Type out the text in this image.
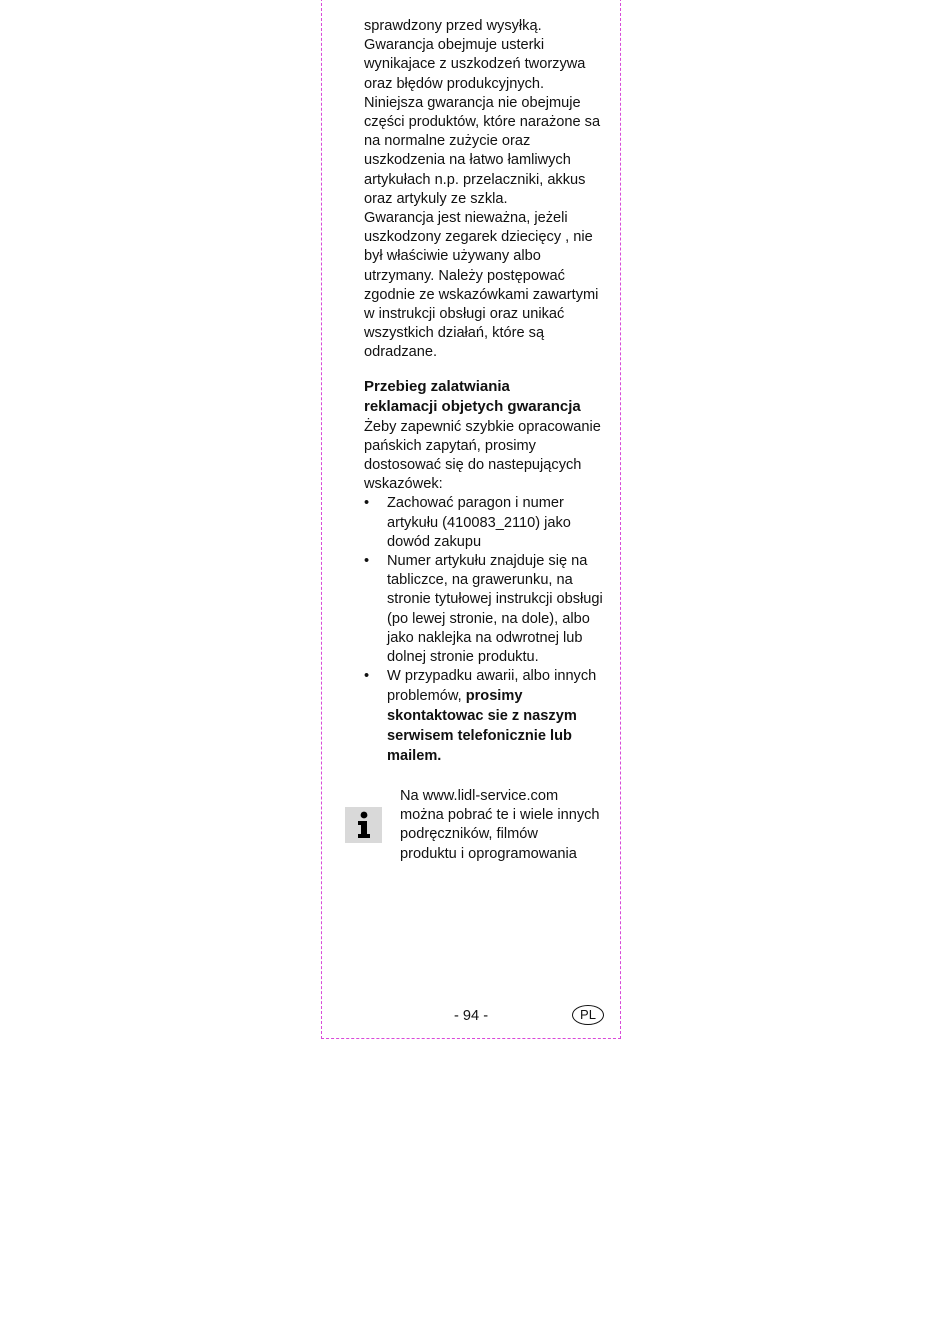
sprawdzony przed wysyłką.
Gwarancja obejmuje usterki
wynikajace z uszkodzeń tworzywa
oraz błędów produkcyjnych.
Niniejsza gwarancja nie obejmuje
części produktów, które narażone sa
na normalne zużycie oraz
uszkodzenia na łatwo łamliwych
artykułach n.p. przelaczniki, akkus
oraz artykuly ze szkla.
Gwarancja jest nieważna, jeżeli
uszkodzony zegarek dziecięcy , nie
był właściwie używany albo
utrzymany. Należy postępować
zgodnie ze wskazówkami zawartymi
w instrukcji obsługi oraz unikać
wszystkich działań, które są
odradzane.

Przebieg zalatwiania
reklamacji objetych gwarancja

Żeby zapewnić szybkie opracowanie
pańskich zapytań, prosimy
dostosować się do nastepujących
wskazówek:

• Zachować paragon i numer
artykułu (410083_2110) jako
dowód zakupu
• Numer artykułu znajduje się na
tabliczce, na grawerunku, na
stronie tytułowej instrukcji obsługi
(po lewej stronie, na dole), albo
jako naklejka na odwrotnej lub
dolnej stronie produktu.
• W przypadku awarii, albo innych
problemów, prosimy
skontaktowac sie z naszym
serwisem telefonicznie lub
mailem.
Na www.lidl-service.com
można pobrać te i wiele innych
podręczników, filmów
produktu i oprogramowania
- 94 -	PL
